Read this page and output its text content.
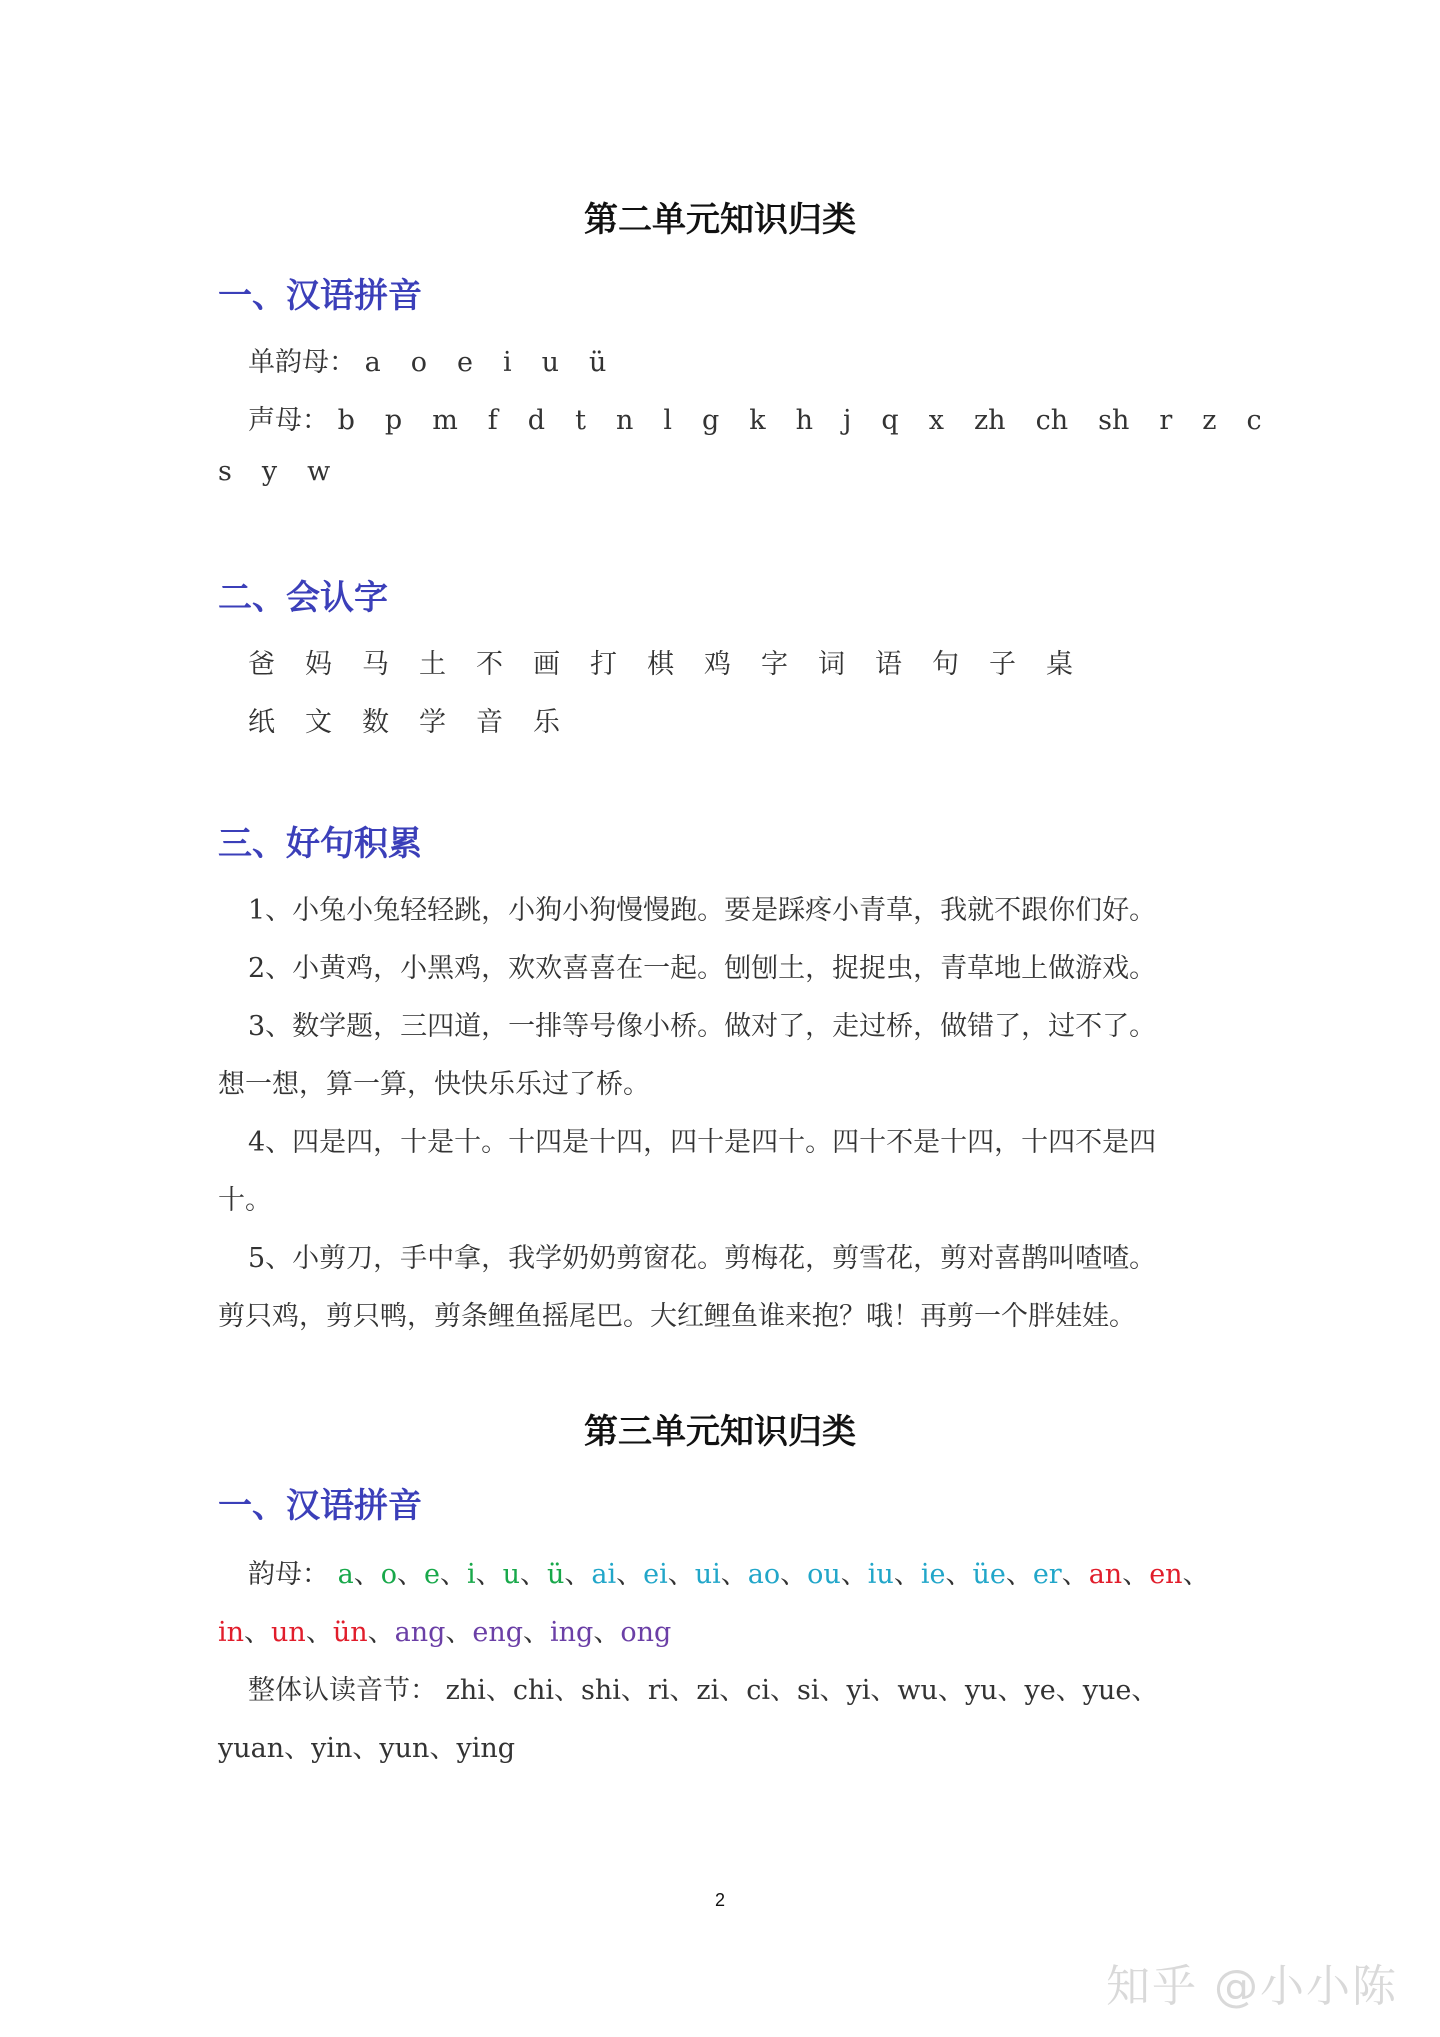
第二单元知识归类
一、汉语拼音
单韵母： a o e i u ü
声母： b p m f d t n l g k h j q x zh ch sh r z c
s y w
二、会认字
爸 妈 马 土 不 画 打 棋 鸡 字 词 语 句 子 桌
纸 文 数 学 音 乐
三、好句积累
1、小兔小兔轻轻跳，小狗小狗慢慢跑。要是踩疼小青草，我就不跟你们好。
2、小黄鸡，小黑鸡，欢欢喜喜在一起。刨刨土，捉捉虫，青草地上做游戏。
3、数学题，三四道，一排等号像小桥。做对了，走过桥，做错了，过不了。
想一想，算一算，快快乐乐过了桥。
4、四是四，十是十。十四是十四，四十是四十。四十不是十四，十四不是四
十。
5、小剪刀，手中拿，我学奶奶剪窗花。剪梅花，剪雪花，剪对喜鹊叫喳喳。
剪只鸡，剪只鸭，剪条鲤鱼摇尾巴。大红鲤鱼谁来抱？哦！再剪一个胖娃娃。
第三单元知识归类
一、汉语拼音
韵母： a、o、e、i、u、ü、ai、ei、ui、ao、ou、iu、ie、üe、er、an、en、
in、un、ün、ang、eng、ing、ong
整体认读音节： zhi、chi、shi、ri、zi、ci、si、yi、wu、yu、ye、yue、
yuan、yin、yun、ying
2
知乎 @小小陈
